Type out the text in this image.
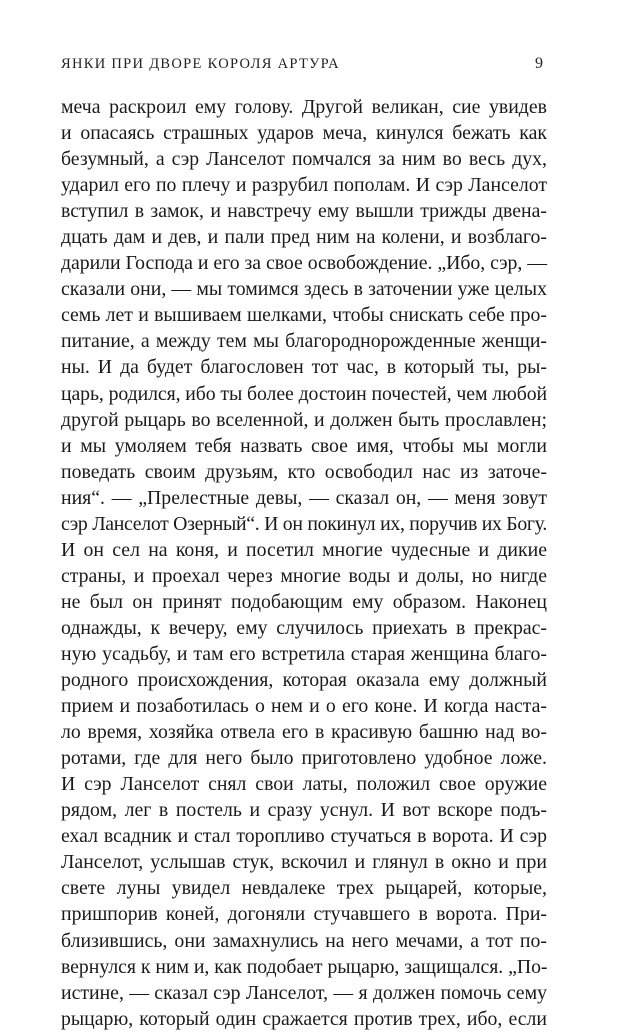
ЯНКИ ПРИ ДВОРЕ КОРОЛЯ АРТУРА	9
меча раскроил ему голову. Другой великан, сие увидев
и опасаясь страшных ударов меча, кинулся бежать как
безумный, а сэр Ланселот помчался за ним во весь дух,
ударил его по плечу и разрубил пополам. И сэр Ланселот
вступил в замок, и навстречу ему вышли трижды двена-
дцать дам и дев, и пали пред ним на колени, и возблаго-
дарили Господа и его за свое освобождение. „Ибо, сэр, —
сказали они, — мы томимся здесь в заточении уже целых
семь лет и вышиваем шелками, чтобы снискать себе про-
питание, а между тем мы благороднорожденные женщи-
ны. И да будет благословен тот час, в который ты, ры-
царь, родился, ибо ты более достоин почестей, чем любой
другой рыцарь во вселенной, и должен быть прославлен;
и мы умоляем тебя назвать свое имя, чтобы мы могли
поведать своим друзьям, кто освободил нас из заточе-
ния“. — „Прелестные девы, — сказал он, — меня зовут
сэр Ланселот Озерный“. И он покинул их, поручив их Богу.
И он сел на коня, и посетил многие чудесные и дикие
страны, и проехал через многие воды и долы, но нигде
не был он принят подобающим ему образом. Наконец
однажды, к вечеру, ему случилось приехать в прекрас-
ную усадьбу, и там его встретила старая женщина благо-
родного происхождения, которая оказала ему должный
прием и позаботилась о нем и о его коне. И когда наста-
ло время, хозяйка отвела его в красивую башню над во-
ротами, где для него было приготовлено удобное ложе.
И сэр Ланселот снял свои латы, положил свое оружие
рядом, лег в постель и сразу уснул. И вот вскоре подъ-
ехал всадник и стал торопливо стучаться в ворота. И сэр
Ланселот, услышав стук, вскочил и глянул в окно и при
свете луны увидел невдалеке трех рыцарей, которые,
пришпорив коней, догоняли стучавшего в ворота. При-
близившись, они замахнулись на него мечами, а тот по-
вернулся к ним и, как подобает рыцарю, защищался. „По-
истине, — сказал сэр Ланселот, — я должен помочь сему
рыцарю, который один сражается против трех, ибо, если
